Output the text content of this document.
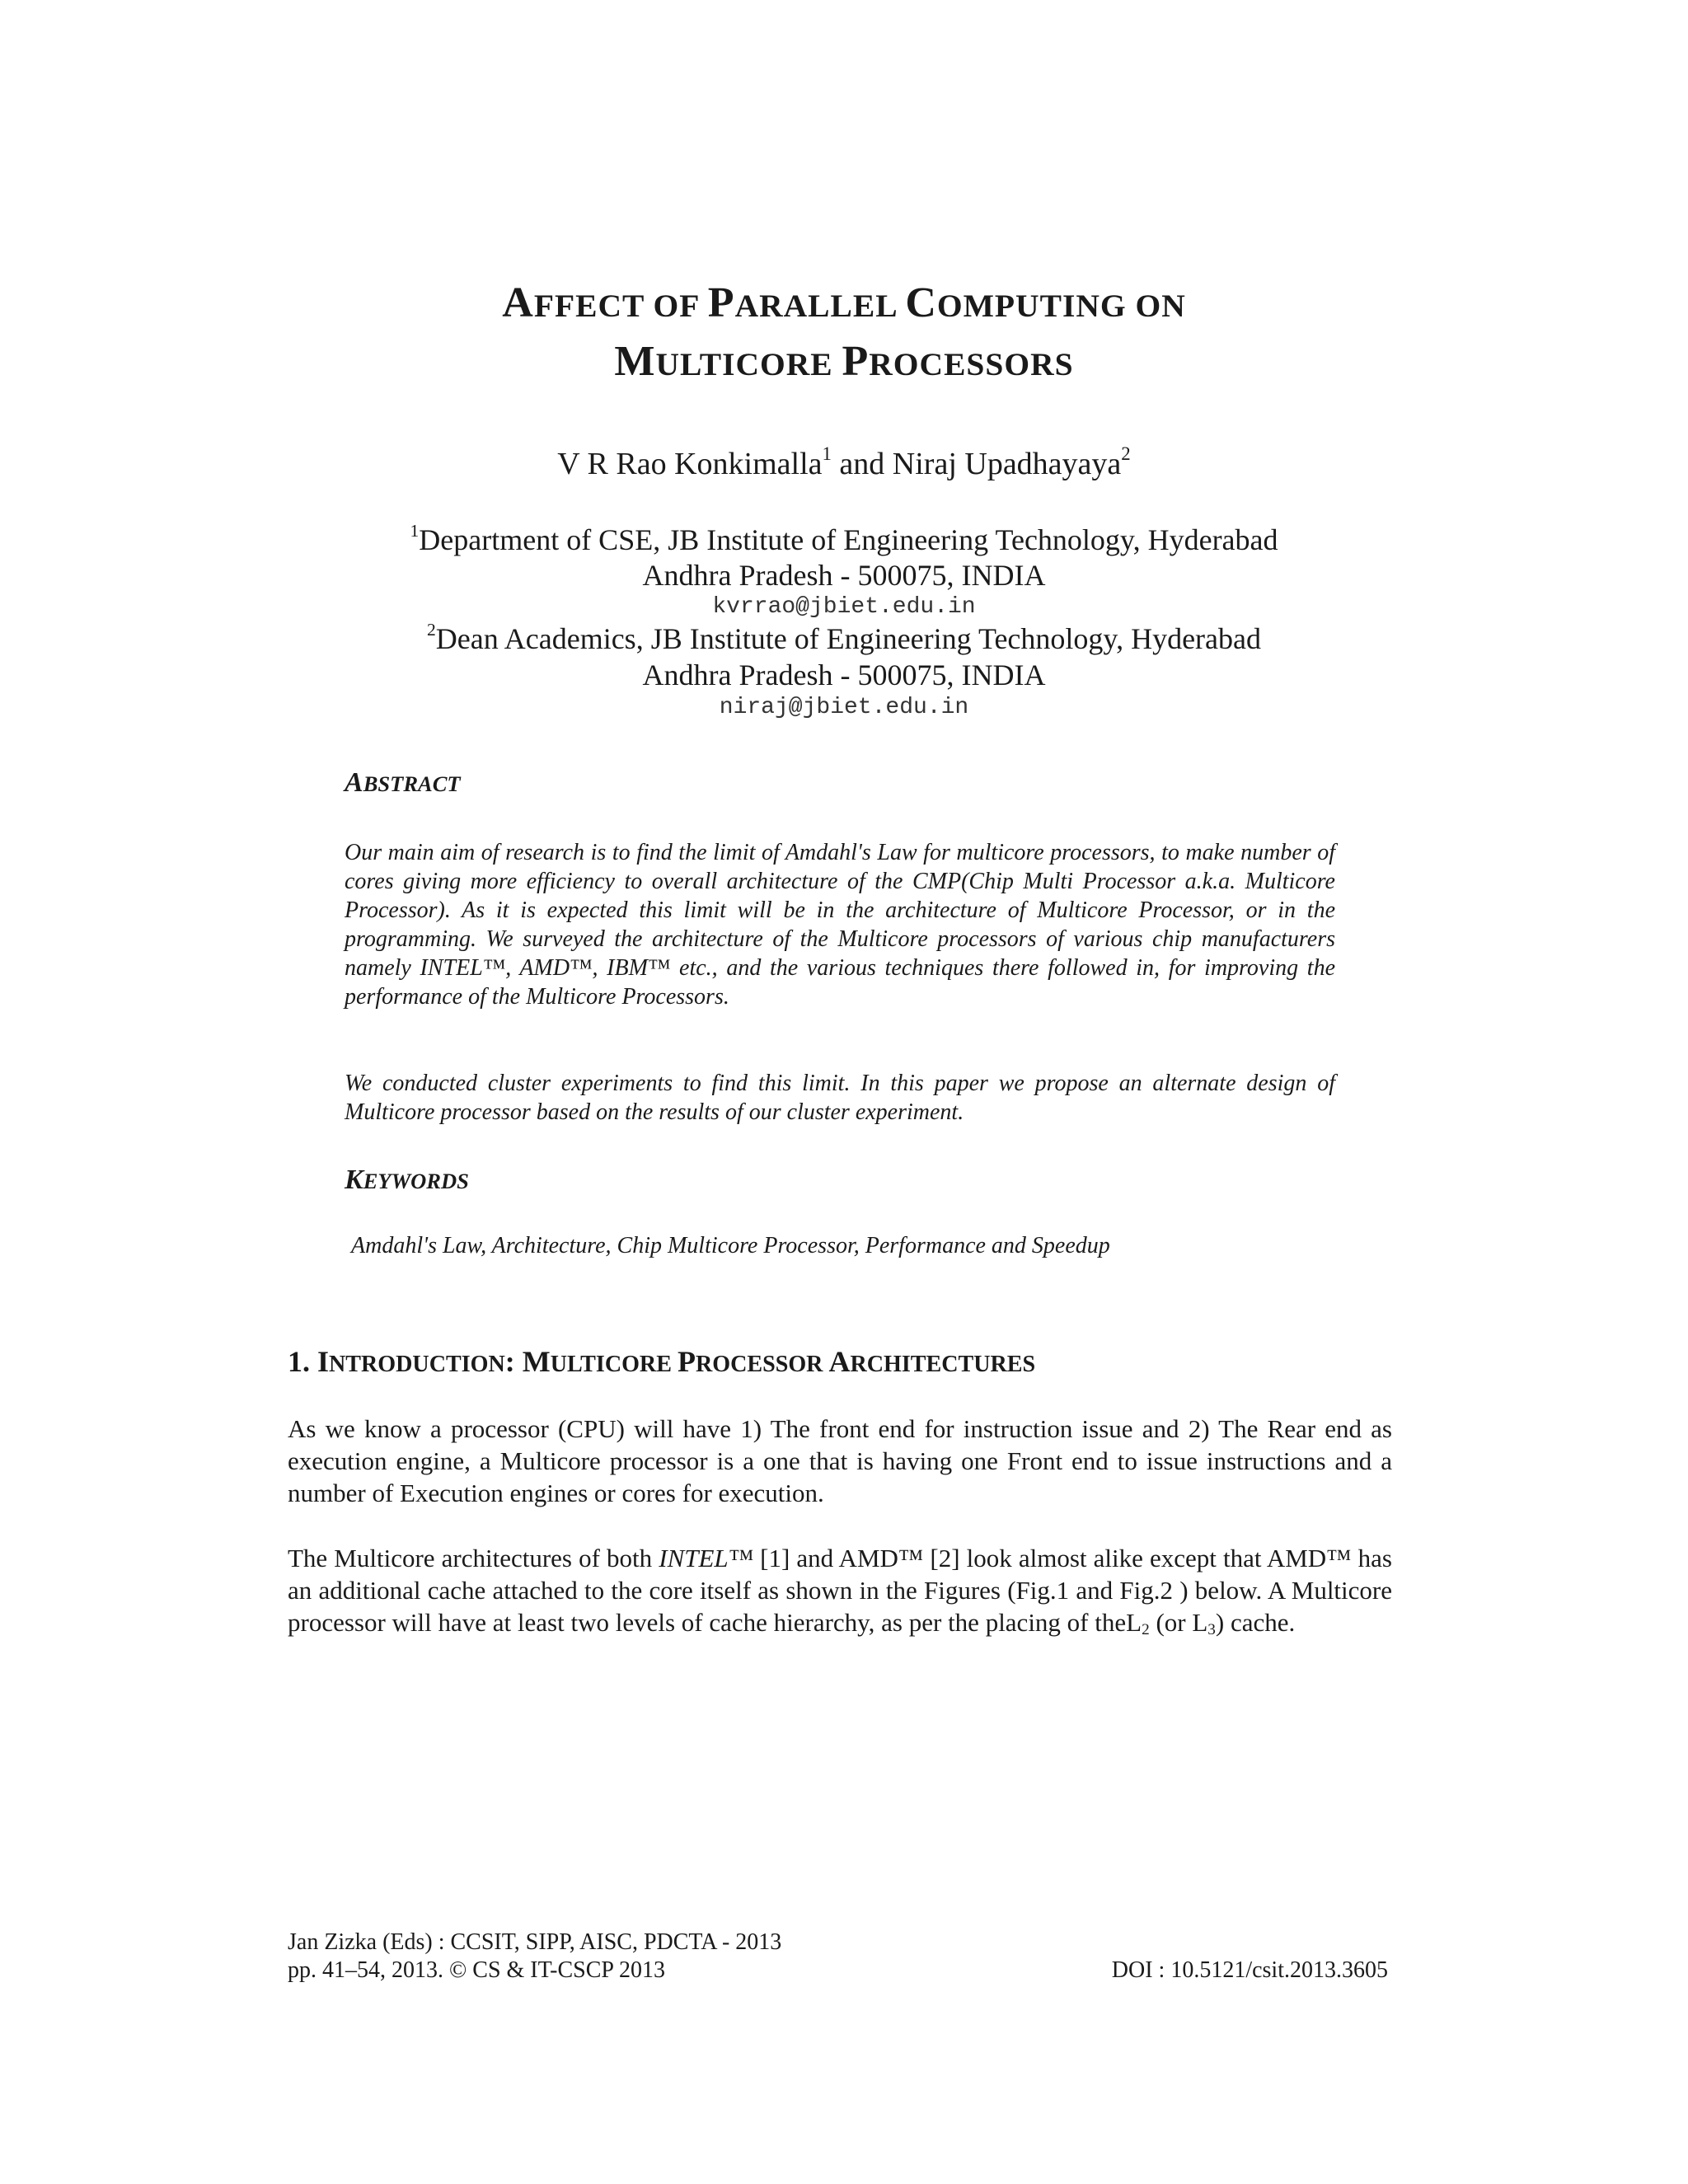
AFFECT OF PARALLEL COMPUTING ON
MULTICORE PROCESSORS
V R Rao Konkimalla$^1$ and Niraj Upadhayaya$^2$
$^1$Department of CSE, JB Institute of Engineering Technology, Hyderabad
Andhra Pradesh - 500075, INDIA
kvrrao@jbiet.edu.in
$^2$Dean Academics, JB Institute of Engineering Technology, Hyderabad
Andhra Pradesh - 500075, INDIA
niraj@jbiet.edu.in
ABSTRACT
Our main aim of research is to find the limit of Amdahl's Law for multicore processors, to make number of cores giving more efficiency to overall architecture of the CMP(Chip Multi Processor a.k.a. Multicore Processor). As it is expected this limit will be in the architecture of Multicore Processor, or in the programming. We surveyed the architecture of the Multicore processors of various chip manufacturers namely INTEL™, AMD™, IBM™ etc., and the various techniques there followed in, for improving the performance of the Multicore Processors.
We conducted cluster experiments to find this limit. In this paper we propose an alternate design of Multicore processor based on the results of our cluster experiment.
KEYWORDS
Amdahl's Law, Architecture, Chip Multicore Processor, Performance and Speedup
1. INTRODUCTION: MULTICORE PROCESSOR ARCHITECTURES
As we know a processor (CPU) will have 1) The front end for instruction issue and 2) The Rear end as execution engine, a Multicore processor is a one that is having one Front end to issue instructions and a number of Execution engines or cores for execution.
The Multicore architectures of both INTEL™ [1] and AMD™ [2] look almost alike except that AMD™ has an additional cache attached to the core itself as shown in the Figures (Fig.1 and Fig.2 ) below. A Multicore processor will have at least two levels of cache hierarchy, as per the placing of theL$_2$ (or $L_3$) cache.
Jan Zizka (Eds) : CCSIT, SIPP, AISC, PDCTA - 2013
pp. 41–54, 2013. © CS & IT-CSCP 2013	DOI : 10.5121/csit.2013.3605
